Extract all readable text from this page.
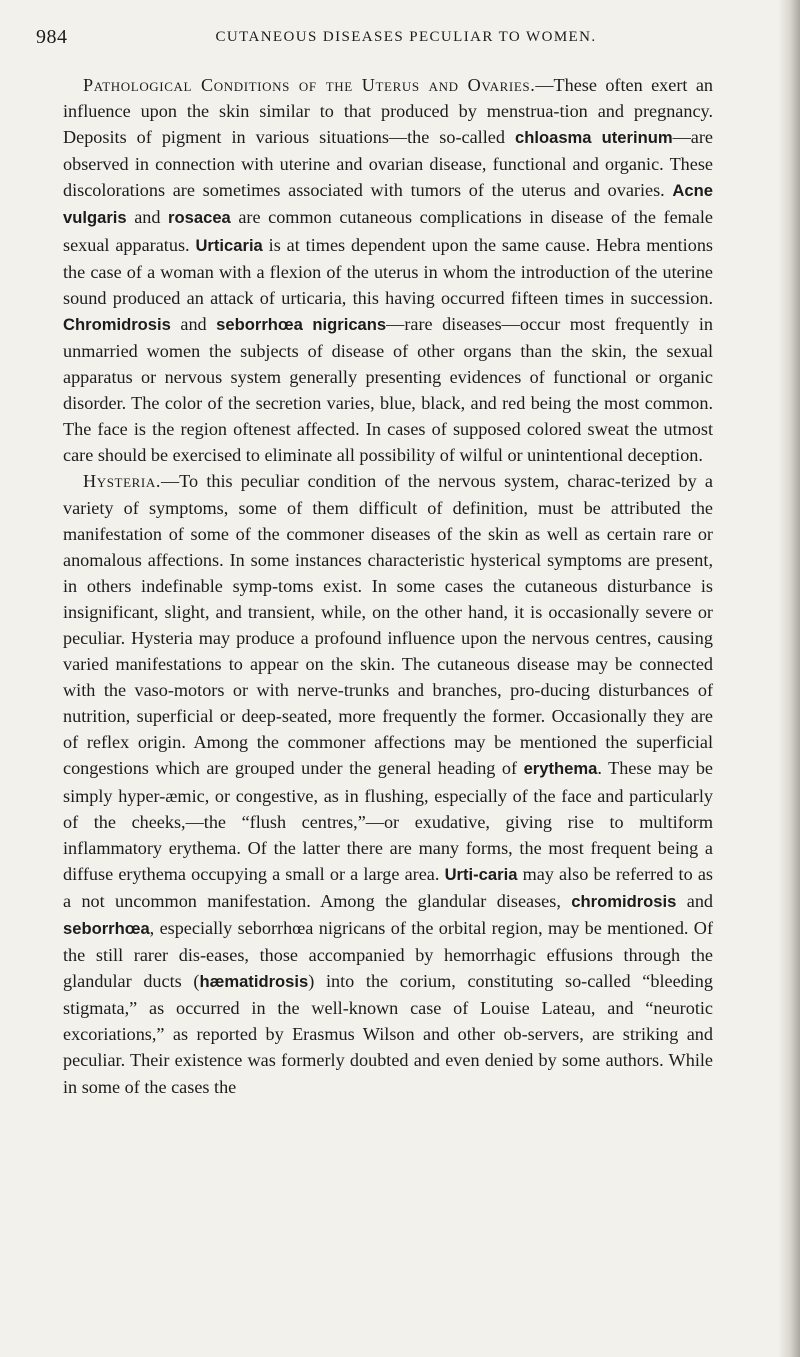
984	CUTANEOUS DISEASES PECULIAR TO WOMEN.

Pathological Conditions of the Uterus and Ovaries.—These often exert an influence upon the skin similar to that produced by menstrua-tion and pregnancy. Deposits of pigment in various situations—the so-called chloasma uterinum—are observed in connection with uterine and ovarian disease, functional and organic. These discolorations are sometimes associated with tumors of the uterus and ovaries. Acne vulgaris and rosacea are common cutaneous complications in disease of the female sexual apparatus. Urticaria is at times dependent upon the same cause. Hebra mentions the case of a woman with a flexion of the uterus in whom the introduction of the uterine sound produced an attack of urticaria, this having occurred fifteen times in succession. Chromidrosis and seborrhœa nigricans—rare diseases—occur most frequently in unmarried women the subjects of disease of other organs than the skin, the sexual apparatus or nervous system generally presenting evidences of functional or organic disorder. The color of the secretion varies, blue, black, and red being the most common. The face is the region oftenest affected. In cases of supposed colored sweat the utmost care should be exercised to eliminate all possibility of wilful or unintentional deception.

Hysteria.—To this peculiar condition of the nervous system, charac-terized by a variety of symptoms, some of them difficult of definition, must be attributed the manifestation of some of the commoner diseases of the skin as well as certain rare or anomalous affections. In some instances characteristic hysterical symptoms are present, in others indefinable symp-toms exist. In some cases the cutaneous disturbance is insignificant, slight, and transient, while, on the other hand, it is occasionally severe or peculiar. Hysteria may produce a profound influence upon the nervous centres, causing varied manifestations to appear on the skin. The cutaneous disease may be connected with the vaso-motors or with nerve-trunks and branches, pro-ducing disturbances of nutrition, superficial or deep-seated, more frequently the former. Occasionally they are of reflex origin. Among the commoner affections may be mentioned the superficial congestions which are grouped under the general heading of erythema. These may be simply hyper-æmic, or congestive, as in flushing, especially of the face and particularly of the cheeks,—the “flush centres,”—or exudative, giving rise to multiform inflammatory erythema. Of the latter there are many forms, the most frequent being a diffuse erythema occupying a small or a large area. Urti-caria may also be referred to as a not uncommon manifestation. Among the glandular diseases, chromidrosis and seborrhœa, especially seborrhœa nigricans of the orbital region, may be mentioned. Of the still rarer dis-eases, those accompanied by hemorrhagic effusions through the glandular ducts (hæmatidrosis) into the corium, constituting so-called “bleeding stigmata,” as occurred in the well-known case of Louise Lateau, and “neurotic excoriations,” as reported by Erasmus Wilson and other ob-servers, are striking and peculiar. Their existence was formerly doubted and even denied by some authors. While in some of the cases the
